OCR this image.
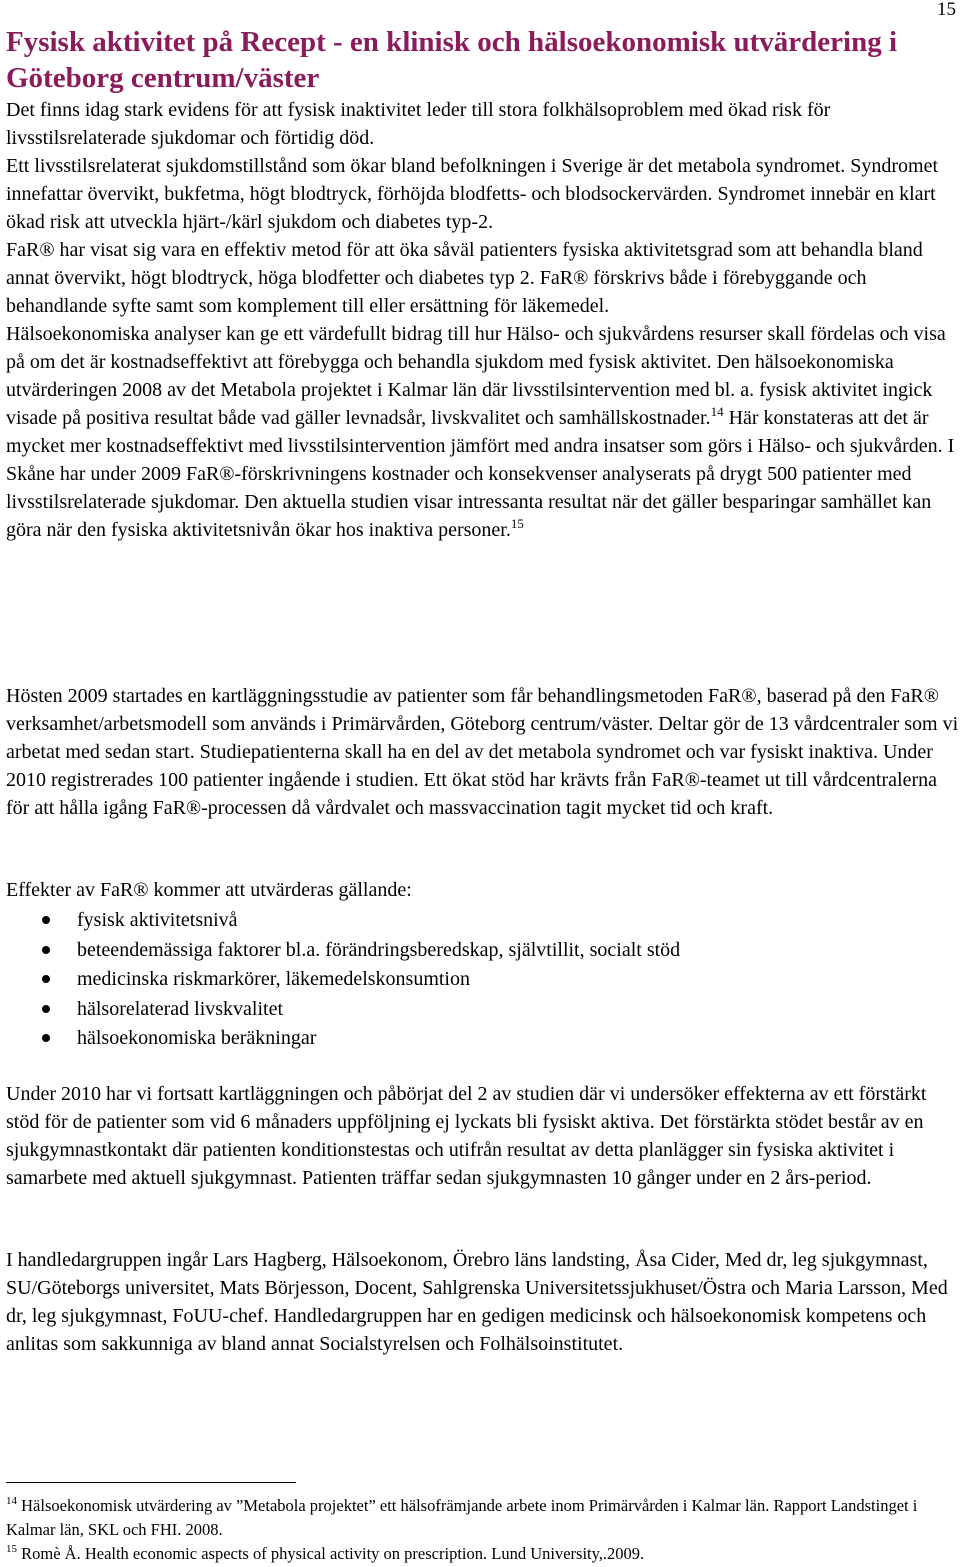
15
Fysisk aktivitet på Recept - en klinisk och hälsoekonomisk utvärdering i Göteborg centrum/väster

Det finns idag stark evidens för att fysisk inaktivitet leder till stora folkhälsoproblem med ökad risk för livsstilsrelaterade sjukdomar och förtidig död.

Ett livsstilsrelaterat sjukdomstillstånd som ökar bland befolkningen i Sverige är det metabola syndromet. Syndromet innefattar övervikt, bukfetma, högt blodtryck, förhöjda blodfetts- och blodsockervärden. Syndromet innebär en klart ökad risk att utveckla hjärt-/kärl sjukdom och diabetes typ-2.

FaR® har visat sig vara en effektiv metod för att öka såväl patienters fysiska aktivitetsgrad som att behandla bland annat övervikt, högt blodtryck, höga blodfetter och diabetes typ 2. FaR® förskrivs både i förebyggande och behandlande syfte samt som komplement till eller ersättning för läkemedel.

Hälsoekonomiska analyser kan ge ett värdefullt bidrag till hur Hälso- och sjukvårdens resurser skall fördelas och visa på om det är kostnadseffektivt att förebygga och behandla sjukdom med fysisk aktivitet. Den hälsoekonomiska utvärderingen 2008 av det Metabola projektet i Kalmar län där livsstilsintervention med bl. a. fysisk aktivitet ingick visade på positiva resultat både vad gäller levnadsår, livskvalitet och samhällskostnader.$^{14}$ Här konstateras att det är mycket mer kostnadseffektivt med livsstilsintervention jämfört med andra insatser som görs i Hälso- och sjukvården. I Skåne har under 2009 FaR®-förskrivningens kostnader och konsekvenser analyserats på drygt 500 patienter med livsstilsrelaterade sjukdomar. Den aktuella studien visar intressanta resultat när det gäller besparingar samhället kan göra när den fysiska aktivitetsnivån ökar hos inaktiva personer.$^{15}$

Hösten 2009 startades en kartläggningsstudie av patienter som får behandlingsmetoden FaR®, baserad på den FaR® verksamhet/arbetsmodell som används i Primärvården, Göteborg centrum/väster. Deltar gör de 13 vårdcentraler som vi arbetat med sedan start. Studiepatienterna skall ha en del av det metabola syndromet och var fysiskt inaktiva. Under 2010 registrerades 100 patienter ingående i studien. Ett ökat stöd har krävts från FaR®-teamet ut till vårdcentralerna för att hålla igång FaR®-processen då vårdvalet och massvaccination tagit mycket tid och kraft.

Effekter av FaR® kommer att utvärderas gällande:

fysisk aktivitetsnivå
beteendemässiga faktorer bl.a. förändringsberedskap, självtillit, socialt stöd
medicinska riskmarkörer, läkemedelskonsumtion
hälsorelaterad livskvalitet
hälsoekonomiska beräkningar

Under 2010 har vi fortsatt kartläggningen och påbörjat del 2 av studien där vi undersöker effekterna av ett förstärkt stöd för de patienter som vid 6 månaders uppföljning ej lyckats bli fysiskt aktiva. Det förstärkta stödet består av en sjukgymnastkontakt där patienten konditionstestas och utifrån resultat av detta planlägger sin fysiska aktivitet i samarbete med aktuell sjukgymnast. Patienten träffar sedan sjukgymnasten 10 gånger under en 2 års-period.

I handledargruppen ingår Lars Hagberg, Hälsoekonom, Örebro läns landsting, Åsa Cider, Med dr, leg sjukgymnast, SU/Göteborgs universitet, Mats Börjesson, Docent, Sahlgrenska Universitetssjukhuset/Östra och Maria Larsson, Med dr, leg sjukgymnast, FoUU-chef. Handledargruppen har en gedigen medicinsk och hälsoekonomisk kompetens och anlitas som sakkunniga av bland annat Socialstyrelsen och Folhälsoinstitutet.

$^{14}$ Hälsoekonomisk utvärdering av ”Metabola projektet” ett hälsofrämjande arbete inom Primärvården i Kalmar län. Rapport Landstinget i Kalmar län, SKL och FHI. 2008.

$^{15}$ Romè Å. Health economic aspects of physical activity on prescription. Lund University,.2009.
